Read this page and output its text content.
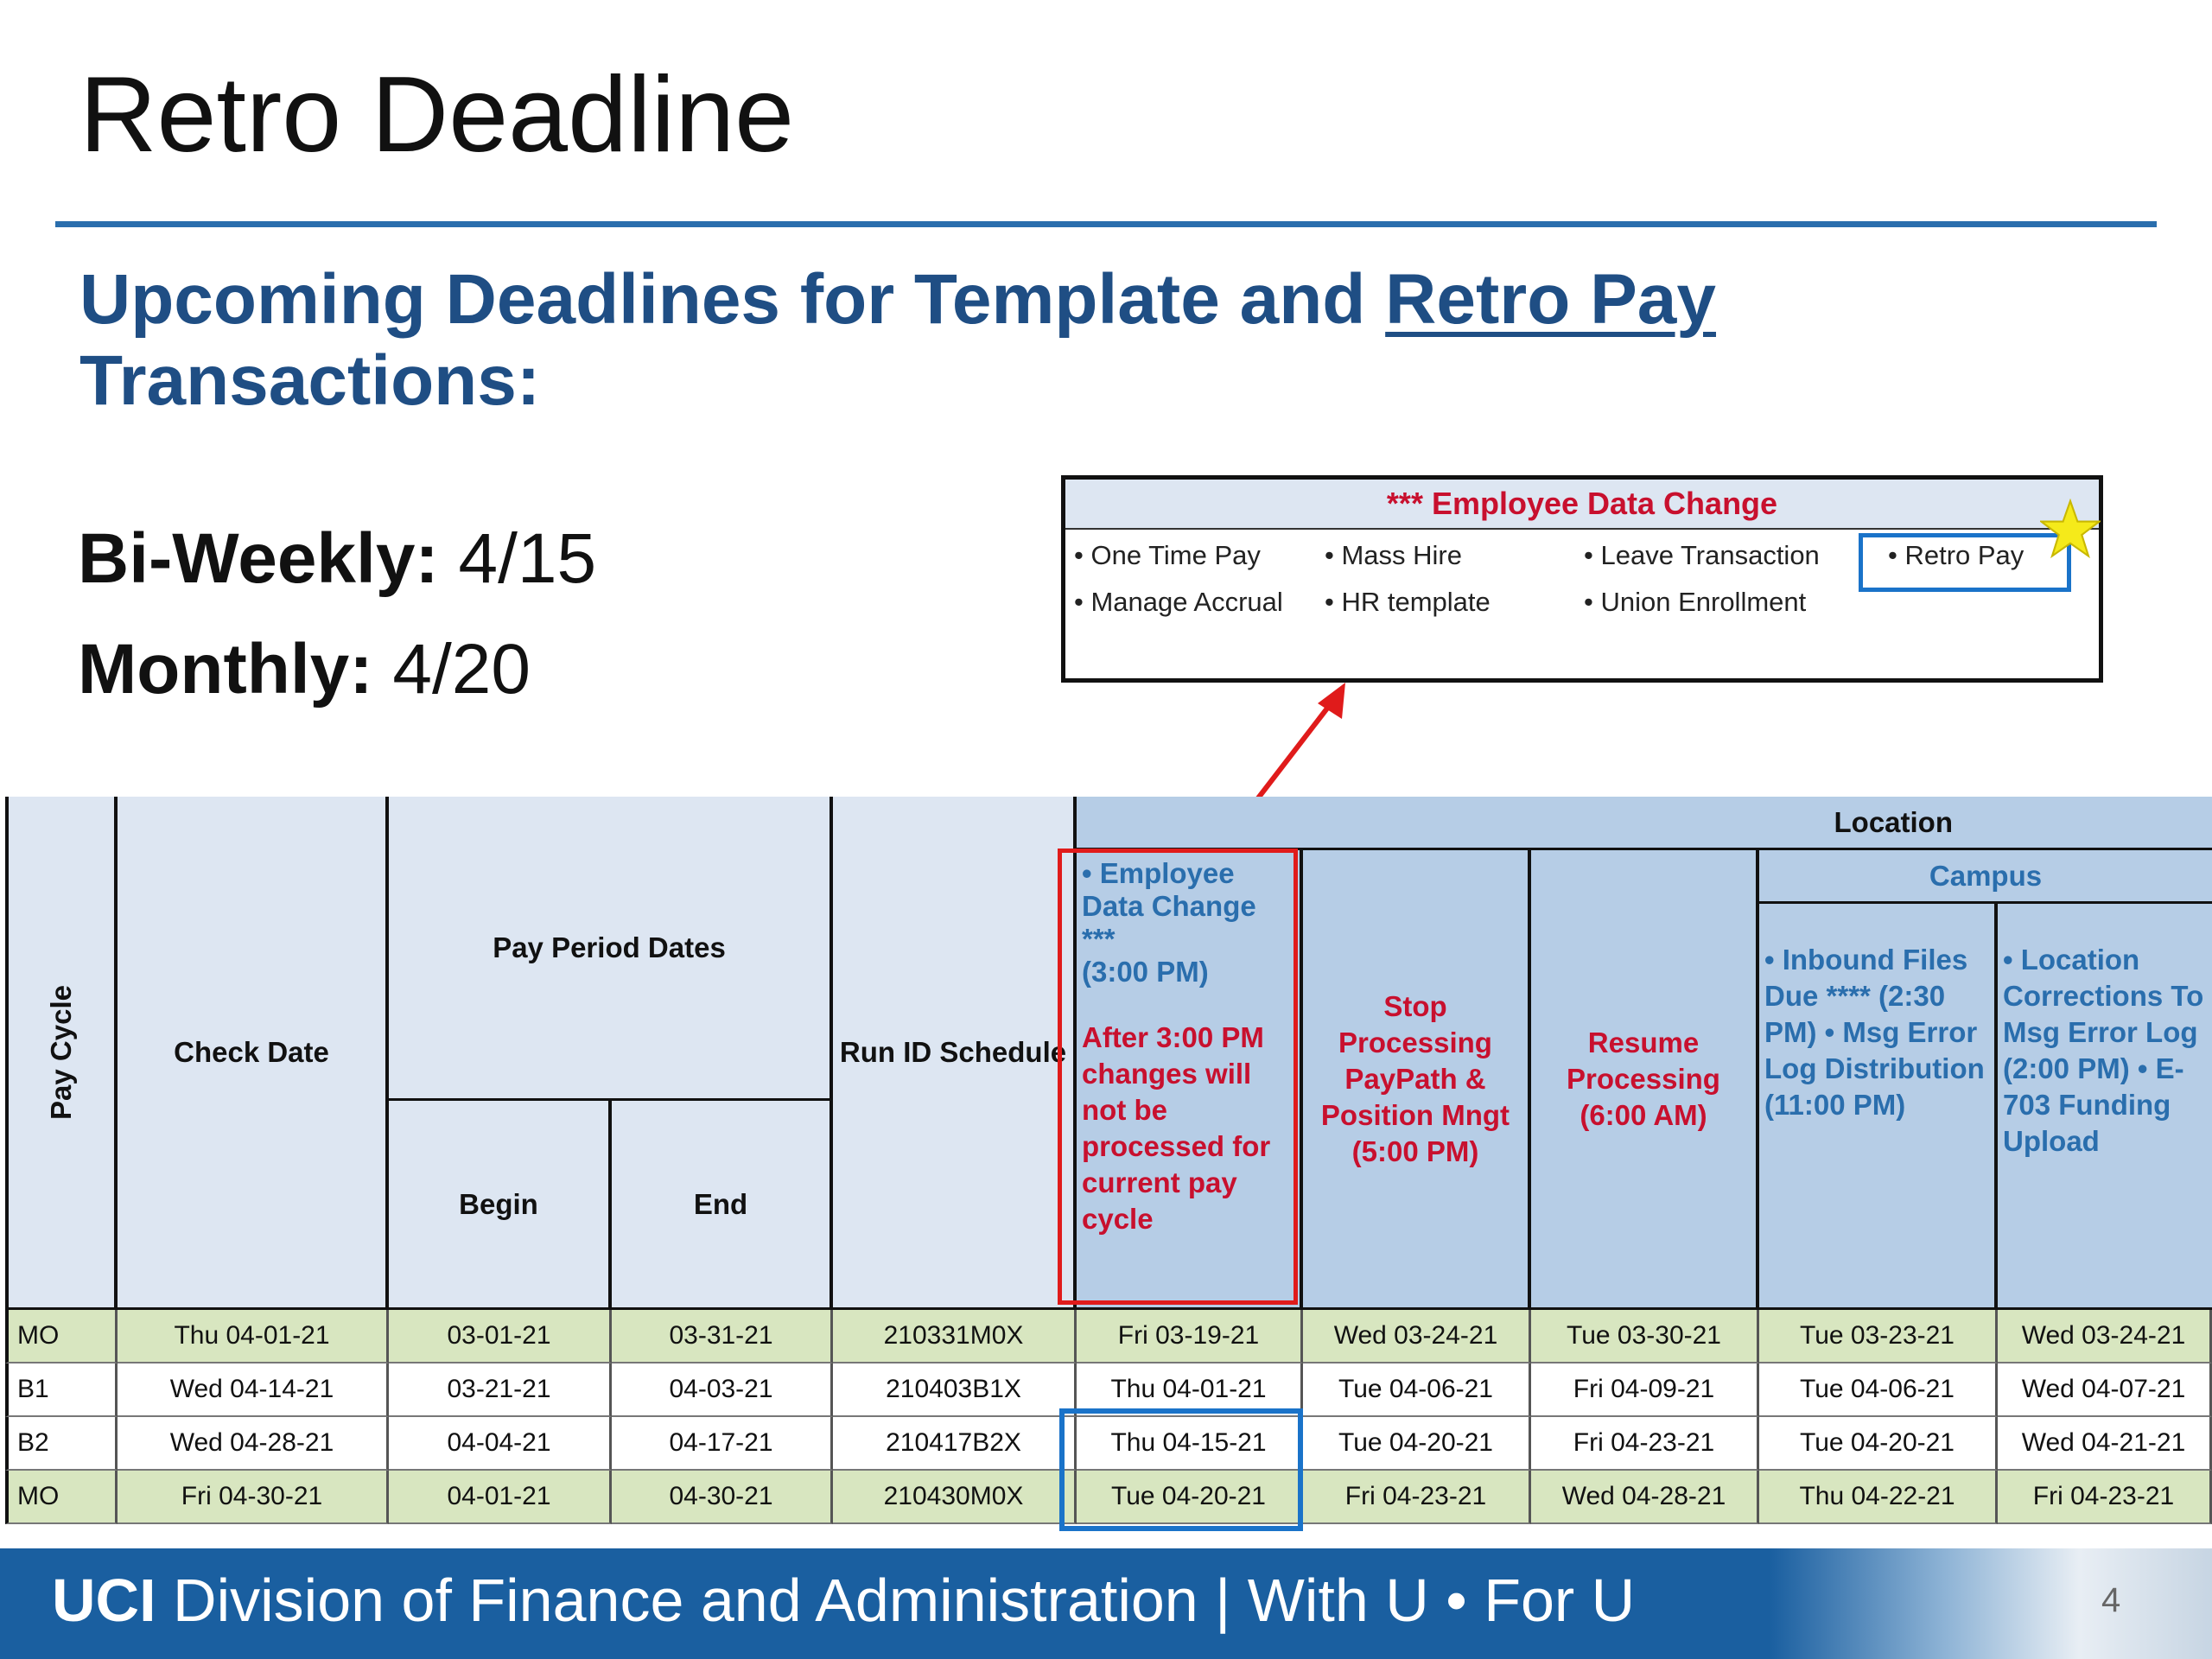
Retro Deadline
Upcoming Deadlines for Template and Retro Pay
Transactions:
Bi-Weekly: 4/15
Monthly: 4/20
*** Employee Data Change
• One Time Pay • Mass Hire	• Leave Transaction	• Retro Pay
• Manage Accrual • HR template	• Union Enrollment
Pay Cycle	Check Date
Pay Period Dates
Begin	End
Run ID Schedule
Location
• Employee
Data Change ***
(3:00 PM)
After 3:00 PM changes will not be processed for current pay cycle
Stop Processing PayPath & Position Mngt (5:00 PM)
Resume Processing (6:00 AM)
Campus
• Inbound Files Due **** (2:30 PM) • Msg Error Log Distribution (11:00 PM)
• Location Corrections To Msg Error Log (2:00 PM) • E-703 Funding Upload
MO	Thu 04-01-21	03-01-21	03-31-21	210331M0X	Fri 03-19-21	Wed 03-24-21	Tue 03-30-21	Tue 03-23-21	Wed 03-24-21
B1	Wed 04-14-21	03-21-21	04-03-21	210403B1X	Thu 04-01-21	Tue 04-06-21	Fri 04-09-21	Tue 04-06-21	Wed 04-07-21
B2	Wed 04-28-21	04-04-21	04-17-21	210417B2X	Thu 04-15-21	Tue 04-20-21	Fri 04-23-21	Tue 04-20-21	Wed 04-21-21
MO	Fri 04-30-21	04-01-21	04-30-21	210430M0X	Tue 04-20-21	Fri 04-23-21	Wed 04-28-21	Thu 04-22-21	Fri 04-23-21
UCI Division of Finance and Administration | With U • For U	4
